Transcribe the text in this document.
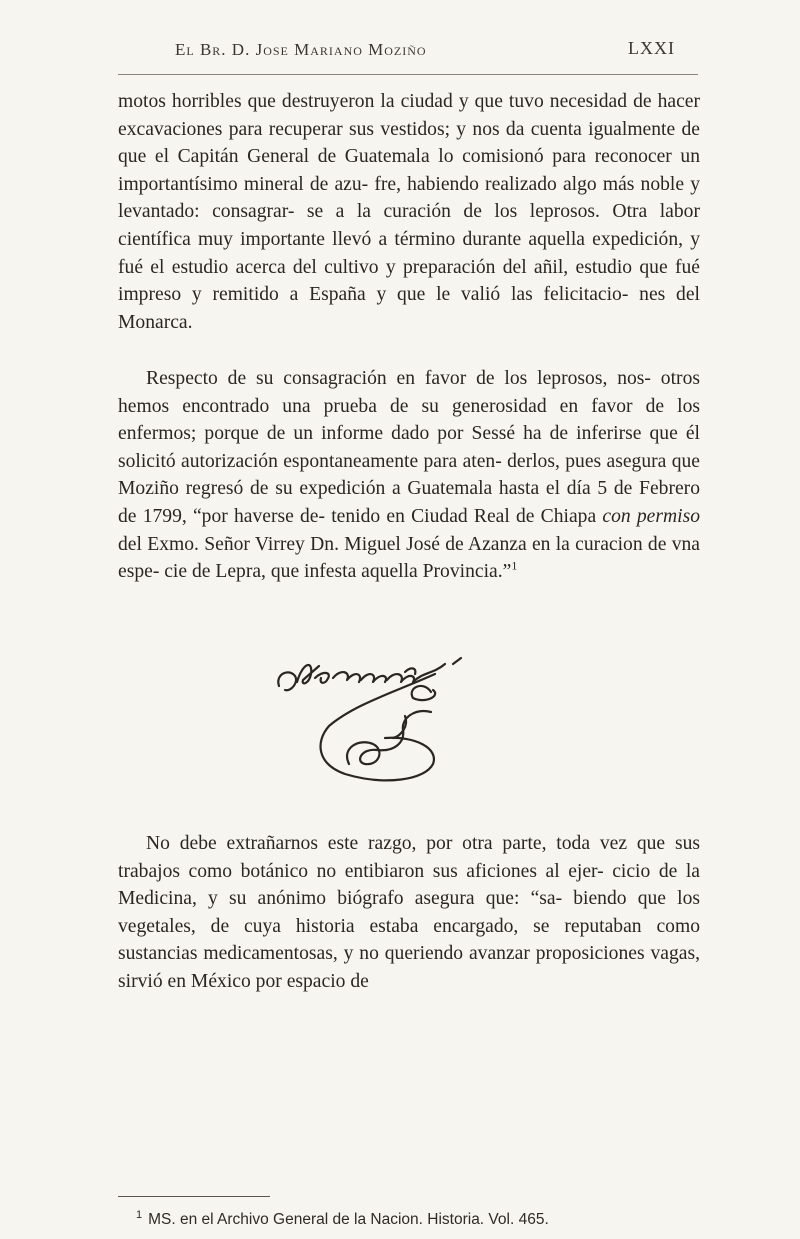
El Br. D. Jose Mariano Moziño	LXXI

motos horribles que destruyeron la ciudad y que tuvo necesidad de hacer excavaciones para recuperar sus vestidos; y nos da cuenta igualmente de que el Capitán General de Guatemala lo comisionó para reconocer un importantísimo mineral de azu- fre, habiendo realizado algo más noble y levantado: consagrar- se a la curación de los leprosos. Otra labor científica muy importante llevó a término durante aquella expedición, y fué el estudio acerca del cultivo y preparación del añil, estudio que fué impreso y remitido a España y que le valió las felicitacio- nes del Monarca.

Respecto de su consagración en favor de los leprosos, nos- otros hemos encontrado una prueba de su generosidad en favor de los enfermos; porque de un informe dado por Sessé ha de inferirse que él solicitó autorización espontaneamente para aten- derlos, pues asegura que Moziño regresó de su expedición a Guatemala hasta el día 5 de Febrero de 1799, “por haverse de- tenido en Ciudad Real de Chiapa con permiso del Exmo. Señor Virrey Dn. Miguel José de Azanza en la curacion de vna espe- cie de Lepra, que infesta aquella Provincia.”$^1$

No debe extrañarnos este razgo, por otra parte, toda vez que sus trabajos como botánico no entibiaron sus aficiones al ejer- cicio de la Medicina, y su anónimo biógrafo asegura que: “sa- biendo que los vegetales, de cuya historia estaba encargado, se reputaban como sustancias medicamentosas, y no queriendo avanzar proposiciones vagas, sirvió en México por espacio de

$^1$ MS. en el Archivo General de la Nacion. Historia. Vol. 465.
